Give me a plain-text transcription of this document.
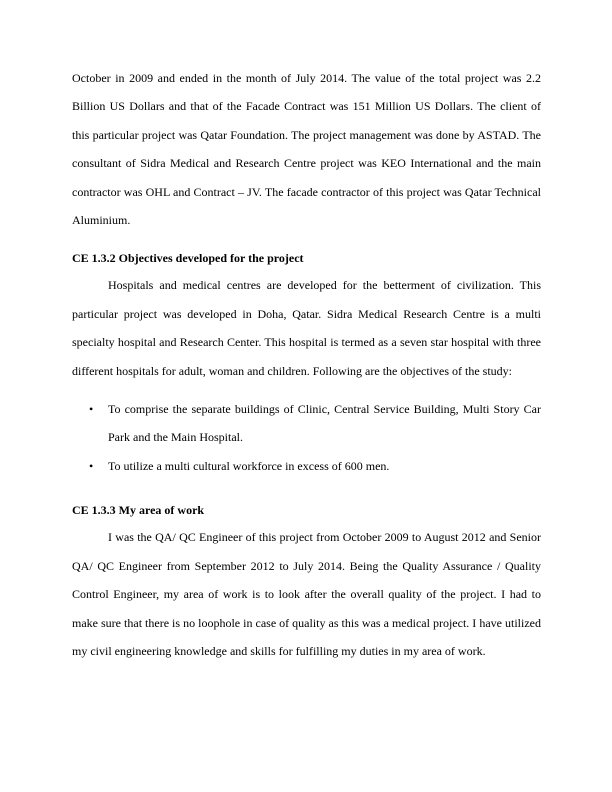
October in 2009 and ended in the month of July 2014. The value of the total project was 2.2 Billion US Dollars and that of the Facade Contract was 151 Million US Dollars. The client of this particular project was Qatar Foundation. The project management was done by ASTAD. The consultant of Sidra Medical and Research Centre project was KEO International and the main contractor was OHL and Contract – JV. The facade contractor of this project was Qatar Technical Aluminium.

CE 1.3.2 Objectives developed for the project

Hospitals and medical centres are developed for the betterment of civilization. This particular project was developed in Doha, Qatar. Sidra Medical Research Centre is a multi specialty hospital and Research Center. This hospital is termed as a seven star hospital with three different hospitals for adult, woman and children. Following are the objectives of the study:

• To comprise the separate buildings of Clinic, Central Service Building, Multi Story Car Park and the Main Hospital.
• To utilize a multi cultural workforce in excess of 600 men.
CE 1.3.3 My area of work

I was the QA/ QC Engineer of this project from October 2009 to August 2012 and Senior QA/ QC Engineer from September 2012 to July 2014. Being the Quality Assurance / Quality Control Engineer, my area of work is to look after the overall quality of the project. I had to make sure that there is no loophole in case of quality as this was a medical project. I have utilized my civil engineering knowledge and skills for fulfilling my duties in my area of work.
